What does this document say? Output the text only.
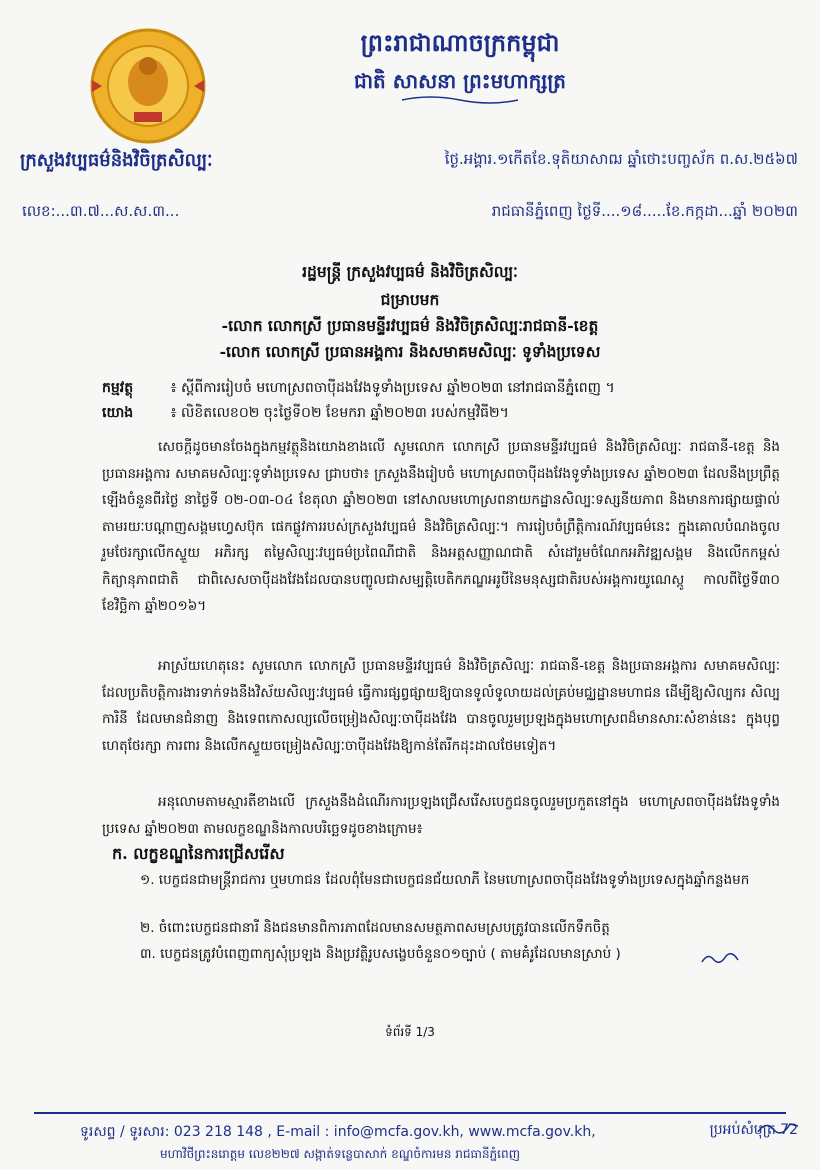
ព្រះរាជាណាចក្រកម្ពុជា
ជាតិ សាសនា ព្រះមហាក្សត្រ
ក្រសួងវប្បធម៌និងវិចិត្រសិល្បៈ	ថ្ងៃ.អង្គារ.១កើតខែ.ទុតិយាសាឍ ឆ្នាំថោះបញ្ចស័ក ព.ស.២៥៦៧
លេខ:...៣.៧...ស.ស.៣...	រាជធានីភ្នំពេញ ថ្ងៃទី....១៨.....ខែ.កក្កដា...ឆ្នាំ ២០២៣
រដ្ឋមន្ត្រី ក្រសួងវប្បធម៌ និងវិចិត្រសិល្បៈ
ជម្រាបមក
-លោក លោកស្រី ប្រធានមន្ទីរវប្បធម៌ និងវិចិត្រសិល្បៈរាជធានី-ខេត្ត
-លោក លោកស្រី ប្រធានអង្គការ និងសមាគមសិល្បៈ ទូទាំងប្រទេស
កម្មវត្ថុ	៖ ស្តីពីការរៀបចំ មហោស្រពចាប៉ីដងវែងទូទាំងប្រទេស ឆ្នាំ២០២៣ នៅរាជធានីភ្នំពេញ ។
យោង	៖ លិខិតលេខ០២ ចុះថ្ងៃទី០២ ខែមករា ឆ្នាំ២០២៣ របស់កម្មវិធី២។
សេចក្តីដូចមានចែងក្នុងកម្មវត្ថុនិងយោងខាងលើ សូមលោក លោកស្រី ប្រធានមន្ទីរវប្បធម៌ និងវិចិត្រសិល្បៈ រាជធានី-ខេត្ត និងប្រធានអង្គការ សមាគមសិល្បៈទូទាំងប្រទេស ជ្រាបថា៖ ក្រសួងនឹងរៀបចំ មហោស្រពចាប៉ីដងវែងទូទាំងប្រទេស ឆ្នាំ២០២៣ ដែលនឹងប្រព្រឹត្តឡើងចំនួនពីរថ្ងៃ នាថ្ងៃទី ០២-០៣-០៤ ខែតុលា ឆ្នាំ២០២៣ នៅសាលមហោស្រពនាយកដ្ឋានសិល្បៈទស្សនីយភាព និងមានការផ្សាយផ្ទាល់តាមរយៈបណ្តាញសង្គមហ្វេសប៊ុក ផេកផ្លូវការរបស់ក្រសួងវប្បធម៌ និងវិចិត្រសិល្បៈ។ ការរៀបចំព្រឹត្តិការណ៍វប្បធម៌នេះ ក្នុងគោលបំណងចូលរួមថែរក្សាលើកស្ទួយ អភិរក្ស តម្លៃសិល្បៈវប្បធម៌ប្រពៃណីជាតិ និងអត្តសញ្ញាណជាតិ សំដៅរួមចំណែកអភិវឌ្ឍសង្គម និងលើកកម្ពស់កិត្យានុភាពជាតិ ជាពិសេសចាប៉ីដងវែងដែលបានបញ្ចូលជាសម្បត្តិបេតិកភណ្ឌអរូបីនៃមនុស្សជាតិរបស់អង្គការយូណេស្កូ កាលពីថ្ងៃទី៣០ ខែវិច្ឆិកា ឆ្នាំ២០១៦។
អាស្រ័យហេតុនេះ សូមលោក លោកស្រី ប្រធានមន្ទីរវប្បធម៌ និងវិចិត្រសិល្បៈ រាជធានី-ខេត្ត និងប្រធានអង្គការ សមាគមសិល្បៈ ដែលប្រតិបត្តិការងារទាក់ទងនឹងវិស័យសិល្បៈវប្បធម៌ ធ្វើការផ្សព្វផ្សាយឱ្យបានទូលំទូលាយដល់គ្រប់មជ្ឈដ្ឋានមហាជន ដើម្បីឱ្យសិល្បករ សិល្បការិនី ដែលមានជំនាញ និងទេពកោសល្យលើចម្រៀងសិល្បៈចាប៉ីដងវែង បានចូលរួមប្រឡងក្នុងមហោស្រពដ៏មានសារៈសំខាន់នេះ ក្នុងបុព្វហេតុថែរក្សា ការពារ និងលើកស្ទួយចម្រៀងសិល្បៈចាប៉ីដងវែងឱ្យកាន់តែរីកដុះដាលថែមទៀត។
អនុលោមតាមស្មារតីខាងលើ ក្រសួងនឹងដំណើរការប្រឡងជ្រើសរើសបេក្ខជនចូលរួមប្រកួតនៅក្នុង មហោស្រពចាប៉ីដងវែងទូទាំងប្រទេស ឆ្នាំ២០២៣ តាមលក្ខខណ្ឌនិងកាលបរិច្ឆេទដូចខាងក្រោម៖
ក. លក្ខខណ្ឌនៃការជ្រើសរើស
១. បេក្ខជនជាមន្ត្រីរាជការ ឬមហាជន ដែលពុំមែនជាបេក្ខជនជ័យលាភី នៃមហោស្រពចាប៉ីដងវែងទូទាំងប្រទេសក្នុងឆ្នាំកន្លងមក
២. ចំពោះបេក្ខជនជានារី និងជនមានពិការភាពដែលមានសមត្ថភាពសមស្របត្រូវបានលើកទឹកចិត្ត
៣. បេក្ខជនត្រូវបំពេញពាក្យសុំប្រឡង និងប្រវត្តិរូបសង្ខេបចំនួន០១ច្បាប់ ( តាមគំរូដែលមានស្រាប់ )
ទំព័រទី 1/3
ទូរសព្ទ / ទូរសារ: 023 218 148 , E-mail : info@mcfa.gov.kh, www.mcfa.gov.kh,
មហាវិថីព្រះនរោត្តម លេខ២២៧ សង្កាត់ទន្លេបាសាក់ ខណ្ឌចំការមន រាជធានីភ្នំពេញ
ប្រអប់សំបុត្រ 72
